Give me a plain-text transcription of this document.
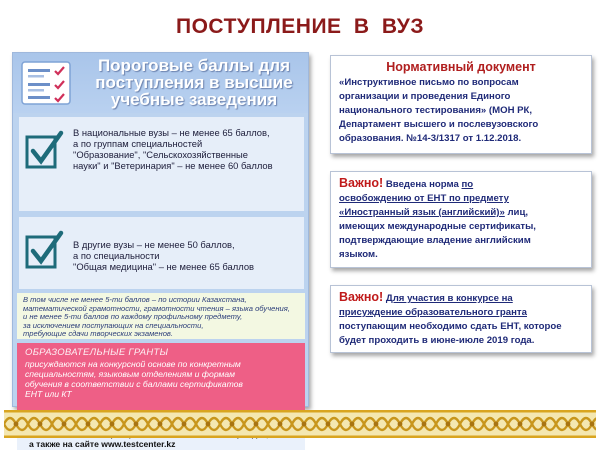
ПОСТУПЛЕНИЕ В ВУЗ
Пороговые баллы для
поступления в высшие
учебные заведения
В национальные вузы – не менее 65 баллов,
а по группам специальностей
"Образование", "Сельскохозяйственные
науки" и "Ветеринария" – не менее 60 баллов
В другие вузы – не менее 50 баллов,
а по специальности
"Общая медицина" – не менее 65 баллов
В том числе не менее 5-ти баллов – по истории Казахстана,
математической грамотности, грамотности чтения – языка обучения,
и не менее 5-ти баллов по каждому профильному предмету,
за исключением поступающих на специальности,
требующие сдачи творческих экзаменов.
ОБРАЗОВАТЕЛЬНЫЕ ГРАНТЫ
присуждаются на конкурсной основе по конкретным
специальностям, языковым отделениям и формам
обучения в соответствии с баллами сертификатов
ЕНТ или КТ
а также на сайте www.testcenter.kz
Нормативный документ
«Инструктивное письмо по вопросам
организации и проведения Единого
национального тестирования» (МОН РК,
Департамент высшего и послевузовского
образования. №14-3/1317 от 1.12.2018.
Важно! Введена норма по
освобождению от ЕНТ по предмету
«Иностранный язык (английский)» лиц,
имеющих международные сертификаты,
подтверждающие владение английским
языком.
Важно! Для участия в конкурсе на
присуждение образовательного гранта
поступающим необходимо сдать ЕНТ, которое
будет проходить в июне-июле 2019 года.
